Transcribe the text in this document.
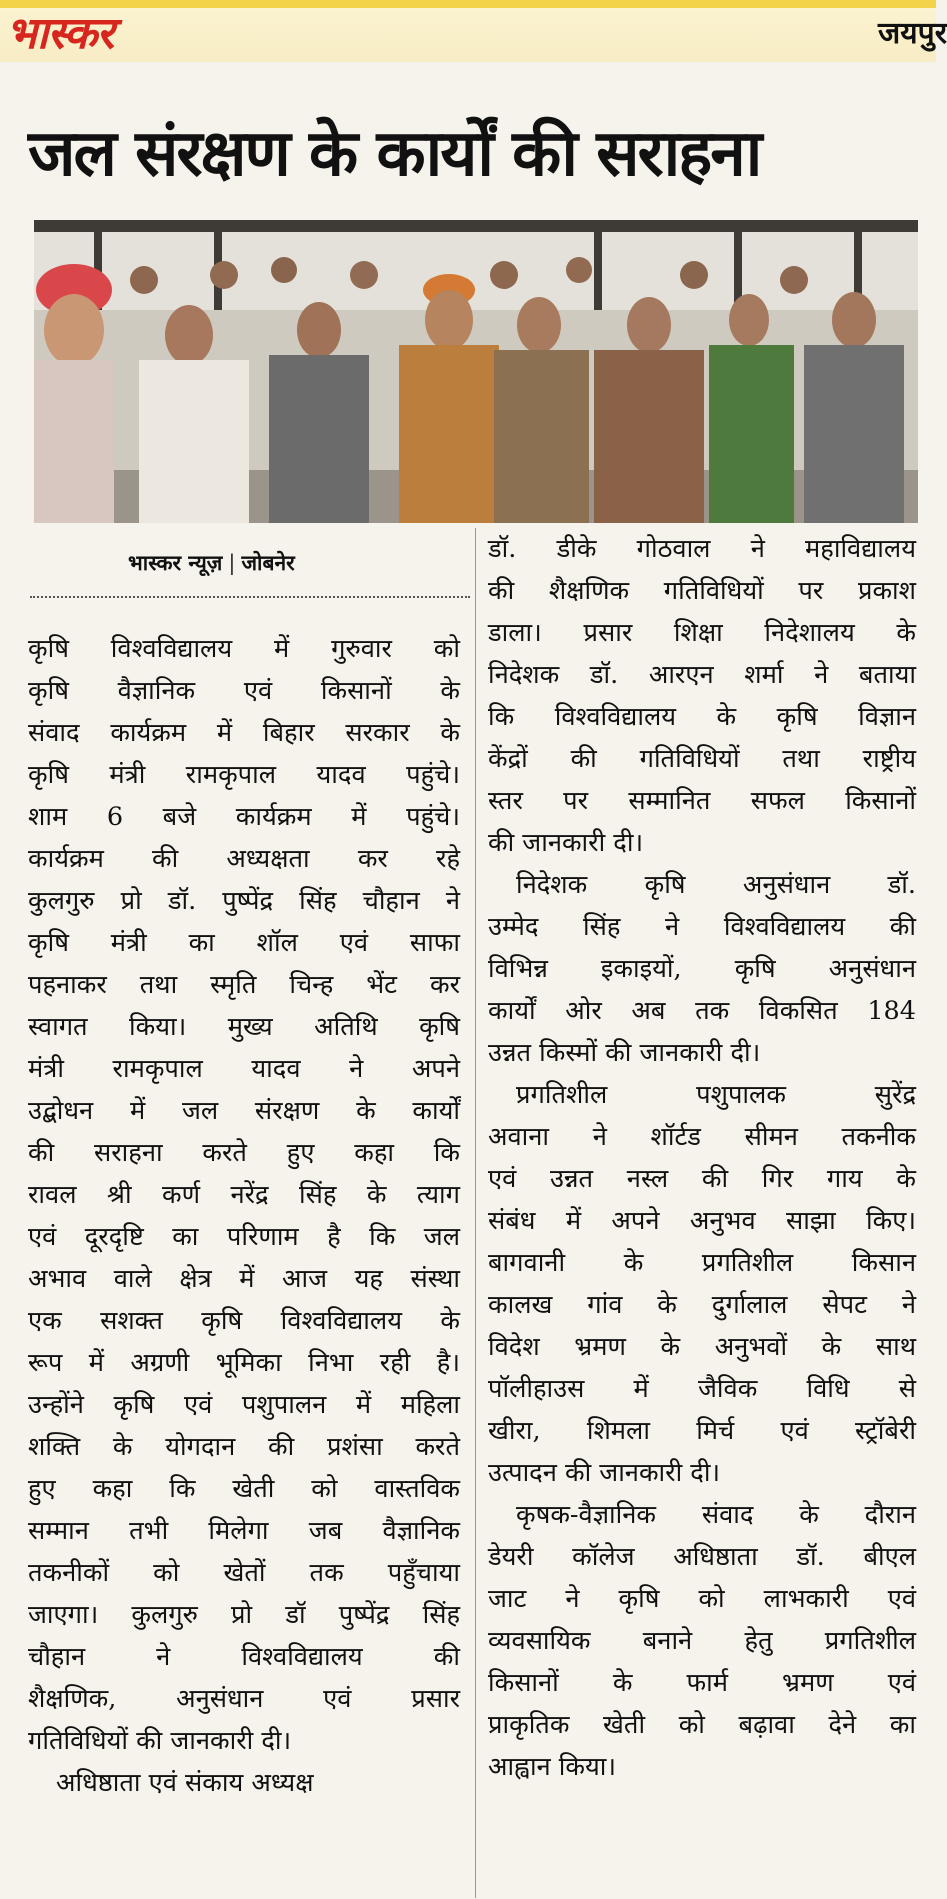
भास्कर	जयपुर
जल संरक्षण के कार्यों की सराहना
भास्कर न्यूज़ | जोबनेर
कृषि विश्वविद्यालय में गुरुवार को
कृषि वैज्ञानिक एवं किसानों के
संवाद कार्यक्रम में बिहार सरकार के
कृषि मंत्री रामकृपाल यादव पहुंचे।
शाम 6 बजे कार्यक्रम में पहुंचे।
कार्यक्रम की अध्यक्षता कर रहे
कुलगुरु प्रो डॉ. पुष्पेंद्र सिंह चौहान ने
कृषि मंत्री का शॉल एवं साफा
पहनाकर तथा स्मृति चिन्ह भेंट कर
स्वागत किया। मुख्य अतिथि कृषि
मंत्री रामकृपाल यादव ने अपने
उद्बोधन में जल संरक्षण के कार्यों
की सराहना करते हुए कहा कि
रावल श्री कर्ण नरेंद्र सिंह के त्याग
एवं दूरदृष्टि का परिणाम है कि जल
अभाव वाले क्षेत्र में आज यह संस्था
एक सशक्त कृषि विश्वविद्यालय के
रूप में अग्रणी भूमिका निभा रही है।
उन्होंने कृषि एवं पशुपालन में महिला
शक्ति के योगदान की प्रशंसा करते
हुए कहा कि खेती को वास्तविक
सम्मान तभी मिलेगा जब वैज्ञानिक
तकनीकों को खेतों तक पहुँचाया
जाएगा। कुलगुरु प्रो डॉ पुष्पेंद्र सिंह
चौहान ने विश्वविद्यालय की
शैक्षणिक, अनुसंधान एवं प्रसार
गतिविधियों की जानकारी दी।
अधिष्ठाता एवं संकाय अध्यक्ष
डॉ. डीके गोठवाल ने महाविद्यालय
की शैक्षणिक गतिविधियों पर प्रकाश
डाला। प्रसार शिक्षा निदेशालय के
निदेशक डॉ. आरएन शर्मा ने बताया
कि विश्वविद्यालय के कृषि विज्ञान
केंद्रों की गतिविधियों तथा राष्ट्रीय
स्तर पर सम्मानित सफल किसानों
की जानकारी दी।
निदेशक कृषि अनुसंधान डॉ.
उम्मेद सिंह ने विश्वविद्यालय की
विभिन्न इकाइयों, कृषि अनुसंधान
कार्यों ओर अब तक विकसित 184
उन्नत किस्मों की जानकारी दी।
प्रगतिशील पशुपालक सुरेंद्र
अवाना ने शॉर्टड सीमन तकनीक
एवं उन्नत नस्ल की गिर गाय के
संबंध में अपने अनुभव साझा किए।
बागवानी के प्रगतिशील किसान
कालख गांव के दुर्गालाल सेपट ने
विदेश भ्रमण के अनुभवों के साथ
पॉलीहाउस में जैविक विधि से
खीरा, शिमला मिर्च एवं स्ट्रॉबेरी
उत्पादन की जानकारी दी।
कृषक-वैज्ञानिक संवाद के दौरान
डेयरी कॉलेज अधिष्ठाता डॉ. बीएल
जाट ने कृषि को लाभकारी एवं
व्यवसायिक बनाने हेतु प्रगतिशील
किसानों के फार्म भ्रमण एवं
प्राकृतिक खेती को बढ़ावा देने का
आह्वान किया।
